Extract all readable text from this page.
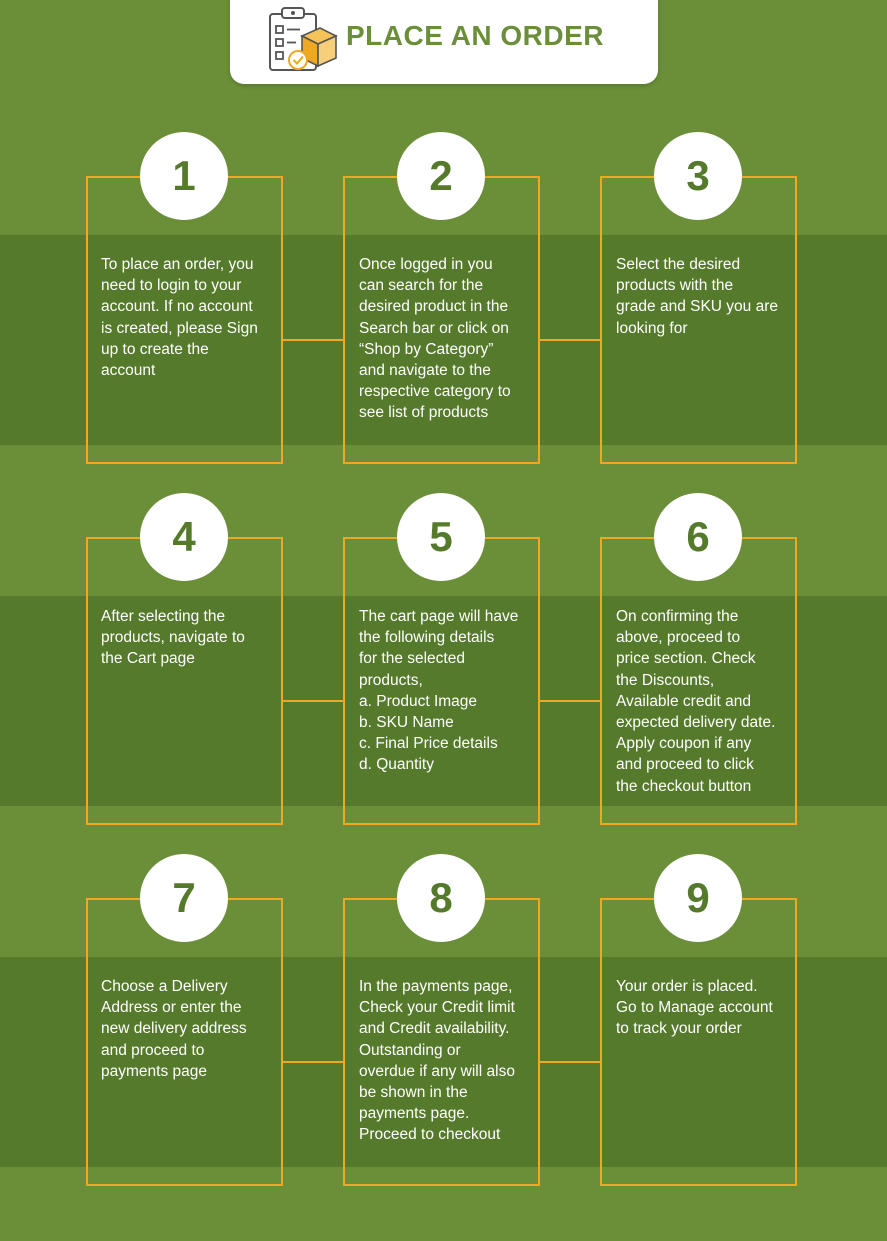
PLACE AN ORDER
1	2	3
To place an order, you
need to login to your
account. If no account
is created, please Sign
up to create the
account
Once logged in you
can search for the
desired product in the
Search bar or click on
“Shop by Category”
and navigate to the
respective category to
see list of products
Select the desired
products with the
grade and SKU you are
looking for
4	5	6
After selecting the
products, navigate to
the Cart page
The cart page will have
the following details
for the selected
products,
a. Product Image
b. SKU Name
c. Final Price details
d. Quantity
On confirming the
above, proceed to
price section. Check
the Discounts,
Available credit and
expected delivery date.
Apply coupon if any
and proceed to click
the checkout button
7	8	9
Choose a Delivery
Address or enter the
new delivery address
and proceed to
payments page
In the payments page,
Check your Credit limit
and Credit availability.
Outstanding or
overdue if any will also
be shown in the
payments page.
Proceed to checkout
Your order is placed.
Go to Manage account
to track your order
